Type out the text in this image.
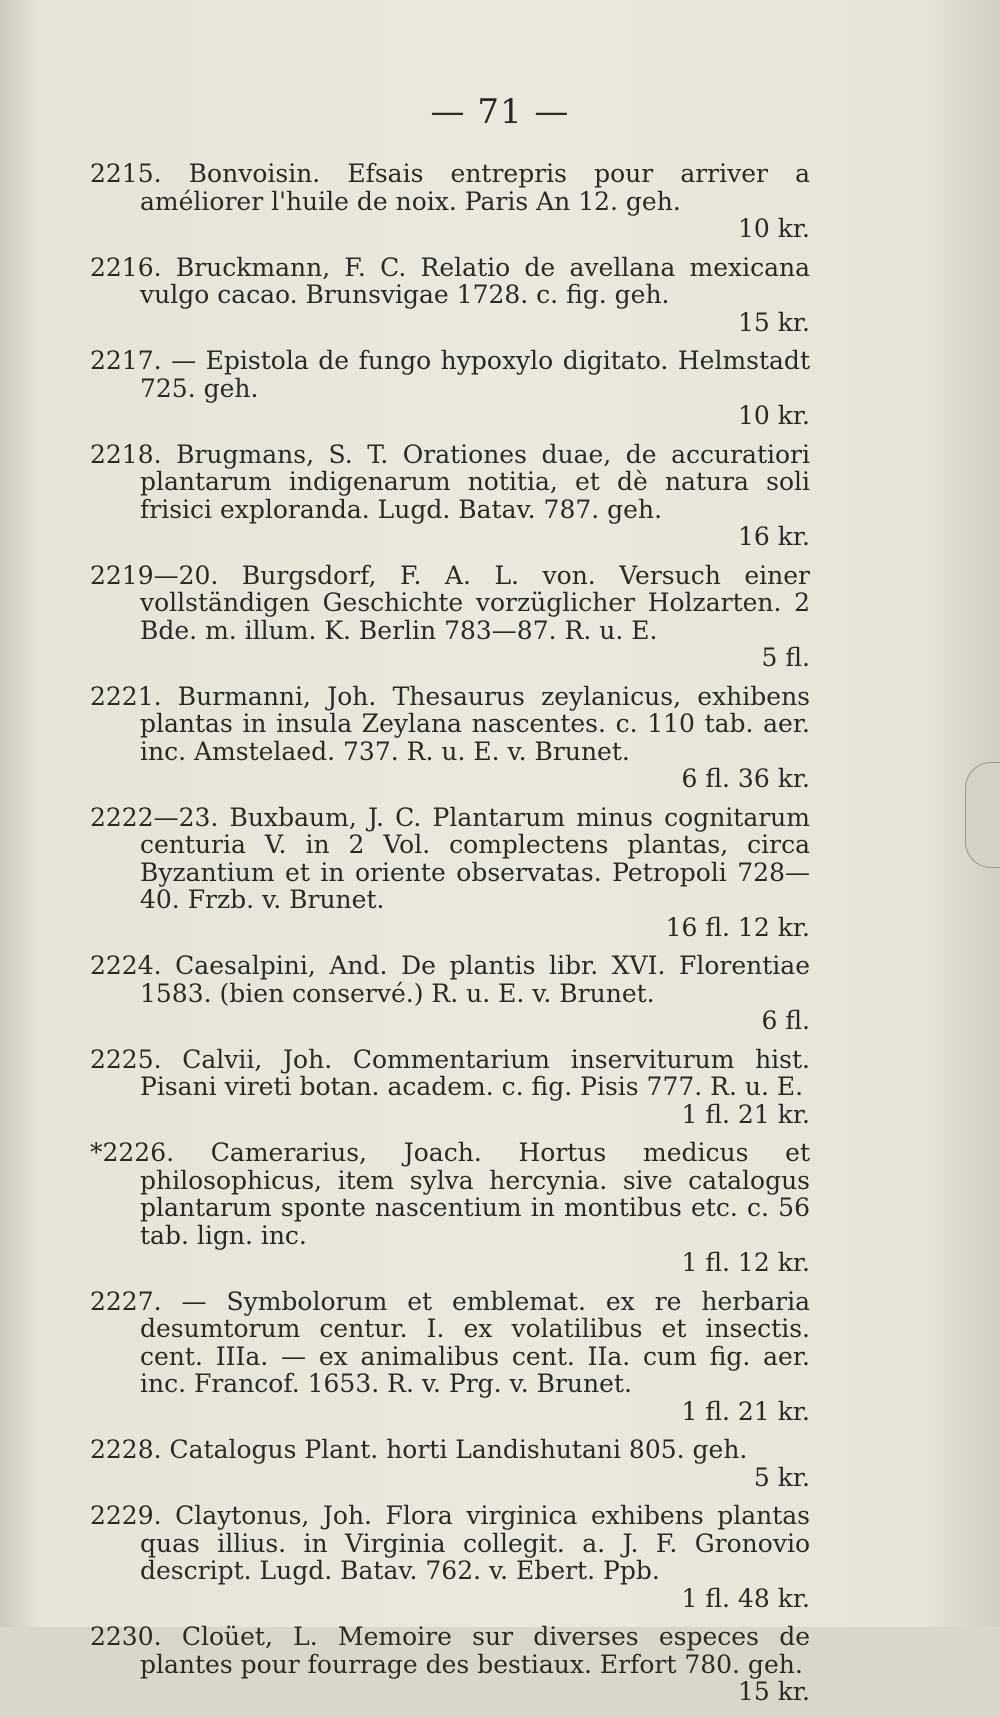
— 71 —
2215. Bonvoisin. Efsais entrepris pour arriver a améliorer l'huile de noix. Paris An 12. geh.
10 kr.
2216. Bruckmann, F. C. Relatio de avellana mexicana vulgo cacao. Brunsvigae 1728. c. fig. geh.
15 kr.
2217. — Epistola de fungo hypoxylo digitato. Helmstadt 725. geh.
10 kr.
2218. Brugmans, S. T. Orationes duae, de accuratiori plantarum indigenarum notitia, et dè natura soli frisici exploranda. Lugd. Batav. 787. geh.
16 kr.
2219—20. Burgsdorf, F. A. L. von. Versuch einer vollständigen Geschichte vorzüglicher Holzarten. 2 Bde. m. illum. K. Berlin 783—87. R. u. E.
5 fl.
2221. Burmanni, Joh. Thesaurus zeylanicus, exhibens plantas in insula Zeylana nascentes. c. 110 tab. aer. inc. Amstelaed. 737. R. u. E. v. Brunet.
6 fl. 36 kr.
2222—23. Buxbaum, J. C. Plantarum minus cognitarum centuria V. in 2 Vol. complectens plantas, circa Byzantium et in oriente observatas. Petropoli 728—40. Frzb. v. Brunet.
16 fl. 12 kr.
2224. Caesalpini, And. De plantis libr. XVI. Florentiae 1583. (bien conservé.) R. u. E. v. Brunet.
6 fl.
2225. Calvii, Joh. Commentarium inserviturum hist. Pisani vireti botan. academ. c. fig. Pisis 777. R. u. E.
1 fl. 21 kr.
*2226. Camerarius, Joach. Hortus medicus et philosophicus, item sylva hercynia. sive catalogus plantarum sponte nascentium in montibus etc. c. 56 tab. lign. inc.
1 fl. 12 kr.
2227. — Symbolorum et emblemat. ex re herbaria desumtorum centur. I. ex volatilibus et insectis. cent. IIIa. — ex animalibus cent. IIa. cum fig. aer. inc. Francof. 1653. R. v. Prg. v. Brunet.
1 fl. 21 kr.
2228. Catalogus Plant. horti Landishutani 805. geh.
5 kr.
2229. Claytonus, Joh. Flora virginica exhibens plantas quas illius. in Virginia collegit. a. J. F. Gronovio descript. Lugd. Batav. 762. v. Ebert. Ppb.
1 fl. 48 kr.
2230. Cloüet, L. Memoire sur diverses especes de plantes pour fourrage des bestiaux. Erfort 780. geh.
15 kr.
